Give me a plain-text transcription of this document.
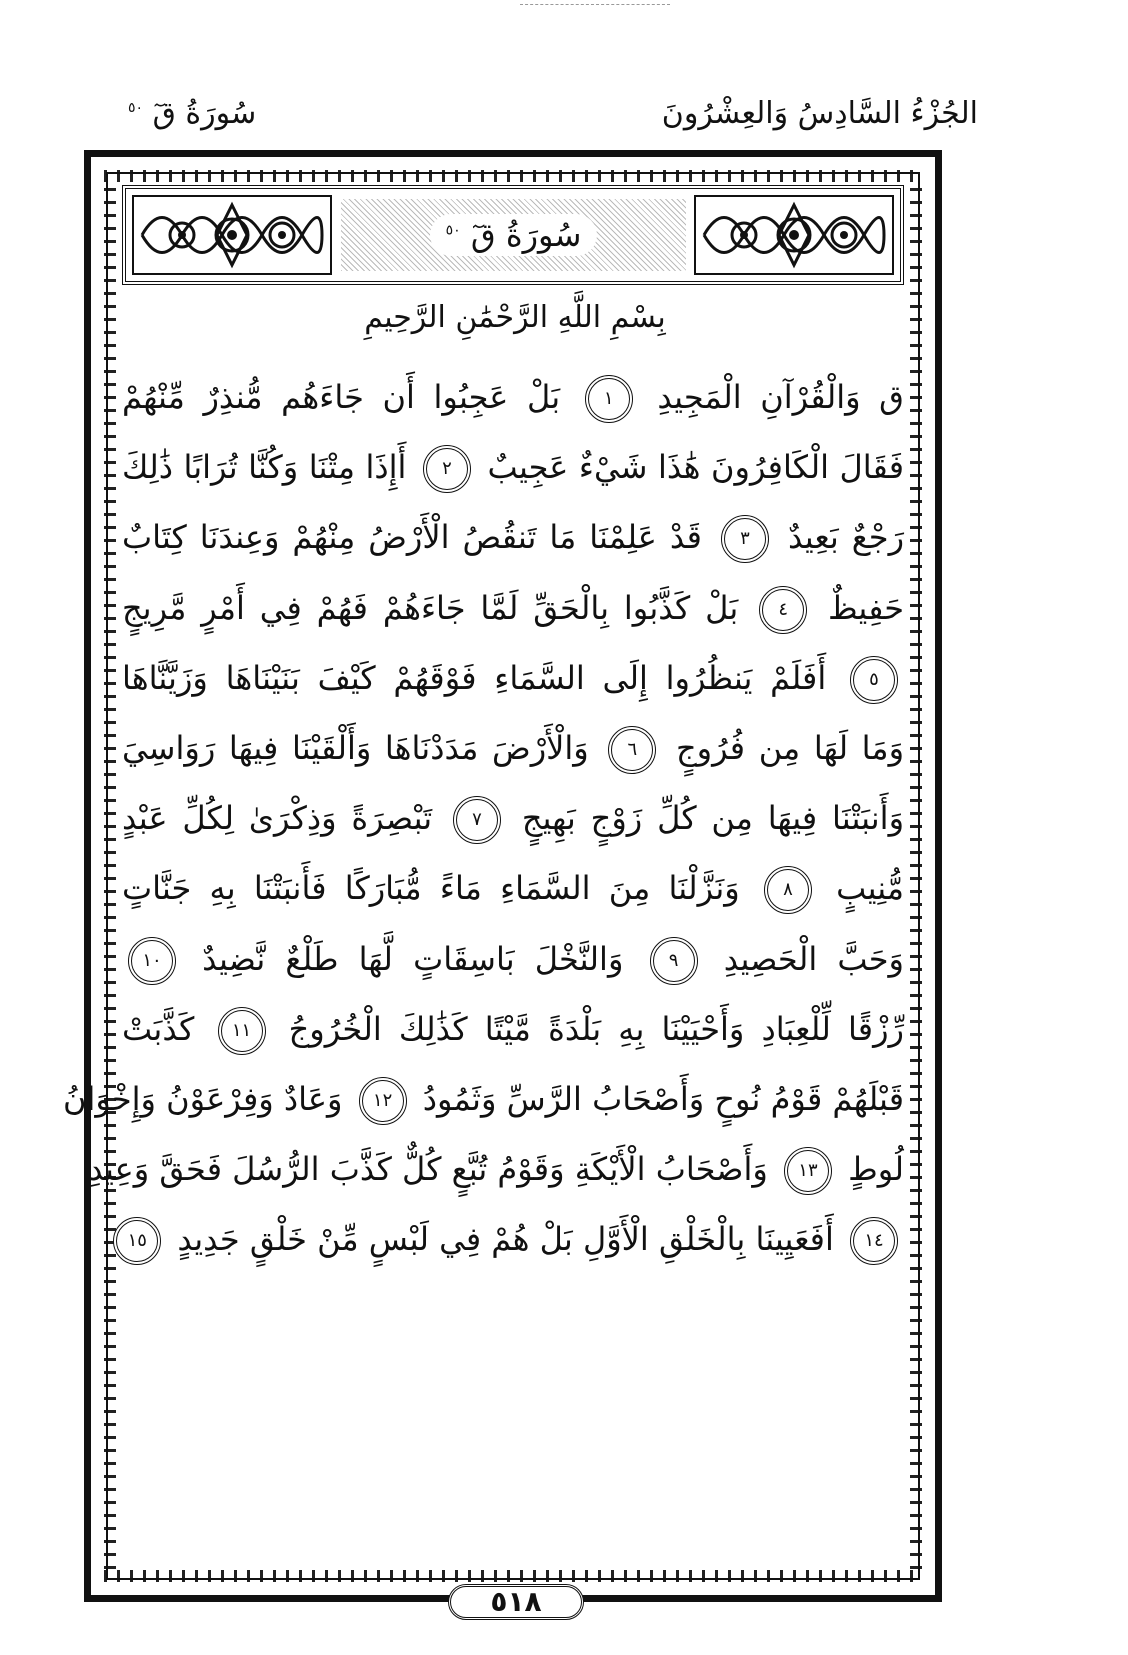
الجُزْءُ السَّادِسُ وَالعِشْرُونَ
سُورَةُ قٓ $^{٥٠}$
سُورَةُ قٓ $^{٥٠}$
بِسْمِ اللَّهِ الرَّحْمَٰنِ الرَّحِيمِ
ق وَالْقُرْآنِ الْمَجِيدِ ١ بَلْ عَجِبُوا أَن جَاءَهُم مُّنذِرٌ مِّنْهُمْ
فَقَالَ الْكَافِرُونَ هَٰذَا شَيْءٌ عَجِيبٌ ٢ أَإِذَا مِتْنَا وَكُنَّا تُرَابًا ذَٰلِكَ
رَجْعٌ بَعِيدٌ ٣ قَدْ عَلِمْنَا مَا تَنقُصُ الْأَرْضُ مِنْهُمْ وَعِندَنَا كِتَابٌ
حَفِيظٌ ٤ بَلْ كَذَّبُوا بِالْحَقِّ لَمَّا جَاءَهُمْ فَهُمْ فِي أَمْرٍ مَّرِيجٍ
٥ أَفَلَمْ يَنظُرُوا إِلَى السَّمَاءِ فَوْقَهُمْ كَيْفَ بَنَيْنَاهَا وَزَيَّنَّاهَا
وَمَا لَهَا مِن فُرُوجٍ ٦ وَالْأَرْضَ مَدَدْنَاهَا وَأَلْقَيْنَا فِيهَا رَوَاسِيَ
وَأَنبَتْنَا فِيهَا مِن كُلِّ زَوْجٍ بَهِيجٍ ٧ تَبْصِرَةً وَذِكْرَىٰ لِكُلِّ عَبْدٍ
مُّنِيبٍ ٨ وَنَزَّلْنَا مِنَ السَّمَاءِ مَاءً مُّبَارَكًا فَأَنبَتْنَا بِهِ جَنَّاتٍ
وَحَبَّ الْحَصِيدِ ٩ وَالنَّخْلَ بَاسِقَاتٍ لَّهَا طَلْعٌ نَّضِيدٌ ١٠
رِّزْقًا لِّلْعِبَادِ وَأَحْيَيْنَا بِهِ بَلْدَةً مَّيْتًا كَذَٰلِكَ الْخُرُوجُ ١١ كَذَّبَتْ
قَبْلَهُمْ قَوْمُ نُوحٍ وَأَصْحَابُ الرَّسِّ وَثَمُودُ ١٢ وَعَادٌ وَفِرْعَوْنُ وَإِخْوَانُ
لُوطٍ ١٣ وَأَصْحَابُ الْأَيْكَةِ وَقَوْمُ تُبَّعٍ كُلٌّ كَذَّبَ الرُّسُلَ فَحَقَّ وَعِيدِ
١٤ أَفَعَيِينَا بِالْخَلْقِ الْأَوَّلِ بَلْ هُمْ فِي لَبْسٍ مِّنْ خَلْقٍ جَدِيدٍ ١٥
٥١٨
